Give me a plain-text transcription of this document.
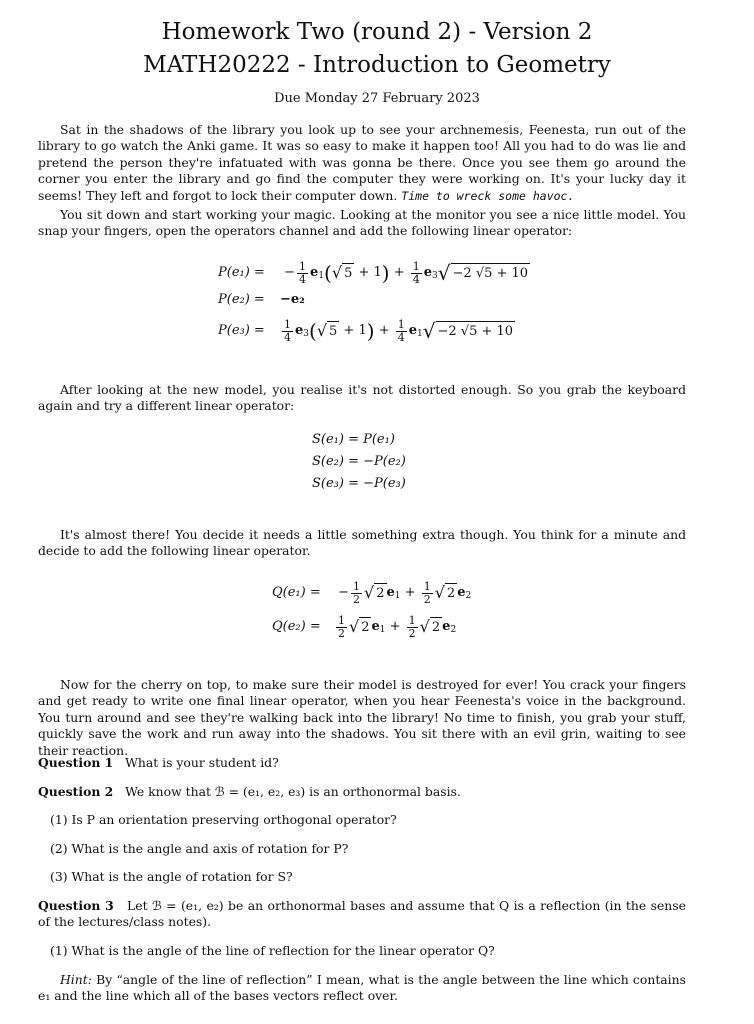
Homework Two (round 2) - Version 2
MATH20222 - Introduction to Geometry
Due Monday 27 February 2023

Sat in the shadows of the library you look up to see your archnemesis, Feenesta, run out of the library to go watch the Anki game. It was so easy to make it happen too! All you had to do was lie and pretend the person they're infatuated with was gonna be there. Once you see them go around the corner you enter the library and go find the computer they were working on. It's your lucky day it seems! They left and forgot to lock their computer down. Time to wreck some havoc.

You sit down and start working your magic. Looking at the monitor you see a nice little model. You snap your fingers, open the operators channel and add the following linear operator:

P(e₁) =	− $\frac{1}{4}$ e 1 ( √ 5 + 1 ) + $\frac{1}{4}$ e 3 √ −2 √5 + 10
P(e₂) =	−e₂
P(e₃) =	$\frac{1}{4}$ e 3 ( √ 5 + 1 ) + $\frac{1}{4}$ e 1 √ −2 √5 + 10

After looking at the new model, you realise it's not distorted enough. So you grab the keyboard again and try a different linear operator:

S(e₁) = P(e₁)
S(e₂) = −P(e₂)
S(e₃) = −P(e₃)

It's almost there! You decide it needs a little something extra though. You think for a minute and decide to add the following linear operator.

Q(e₁) =	− $\frac{1}{2}$ √ 2 e $1 + \frac{1}{2}$ √ 2 e 2
Q(e₂) =	$\frac{1}{2}$ √ 2 e $1 + \frac{1}{2}$ √ 2 e 2

Now for the cherry on top, to make sure their model is destroyed for ever! You crack your fingers and get ready to write one final linear operator, when you hear Feenesta's voice in the background. You turn around and see they're walking back into the library! No time to finish, you grab your stuff, quickly save the work and run away into the shadows. You sit there with an evil grin, waiting to see their reaction.

Question 1 What is your student id?

Question 2 We know that ℬ = (e₁, e₂, e₃) is an orthonormal basis.

(1) Is P an orientation preserving orthogonal operator?

(2) What is the angle and axis of rotation for P?

(3) What is the angle of rotation for S?

Question 3 Let ℬ = (e₁, e₂) be an orthonormal bases and assume that Q is a reflection (in the sense of the lectures/class notes).

(1) What is the angle of the line of reflection for the linear operator Q?

Hint: By “angle of the line of reflection” I mean, what is the angle between the line which contains e₁ and the line which all of the bases vectors reflect over.
